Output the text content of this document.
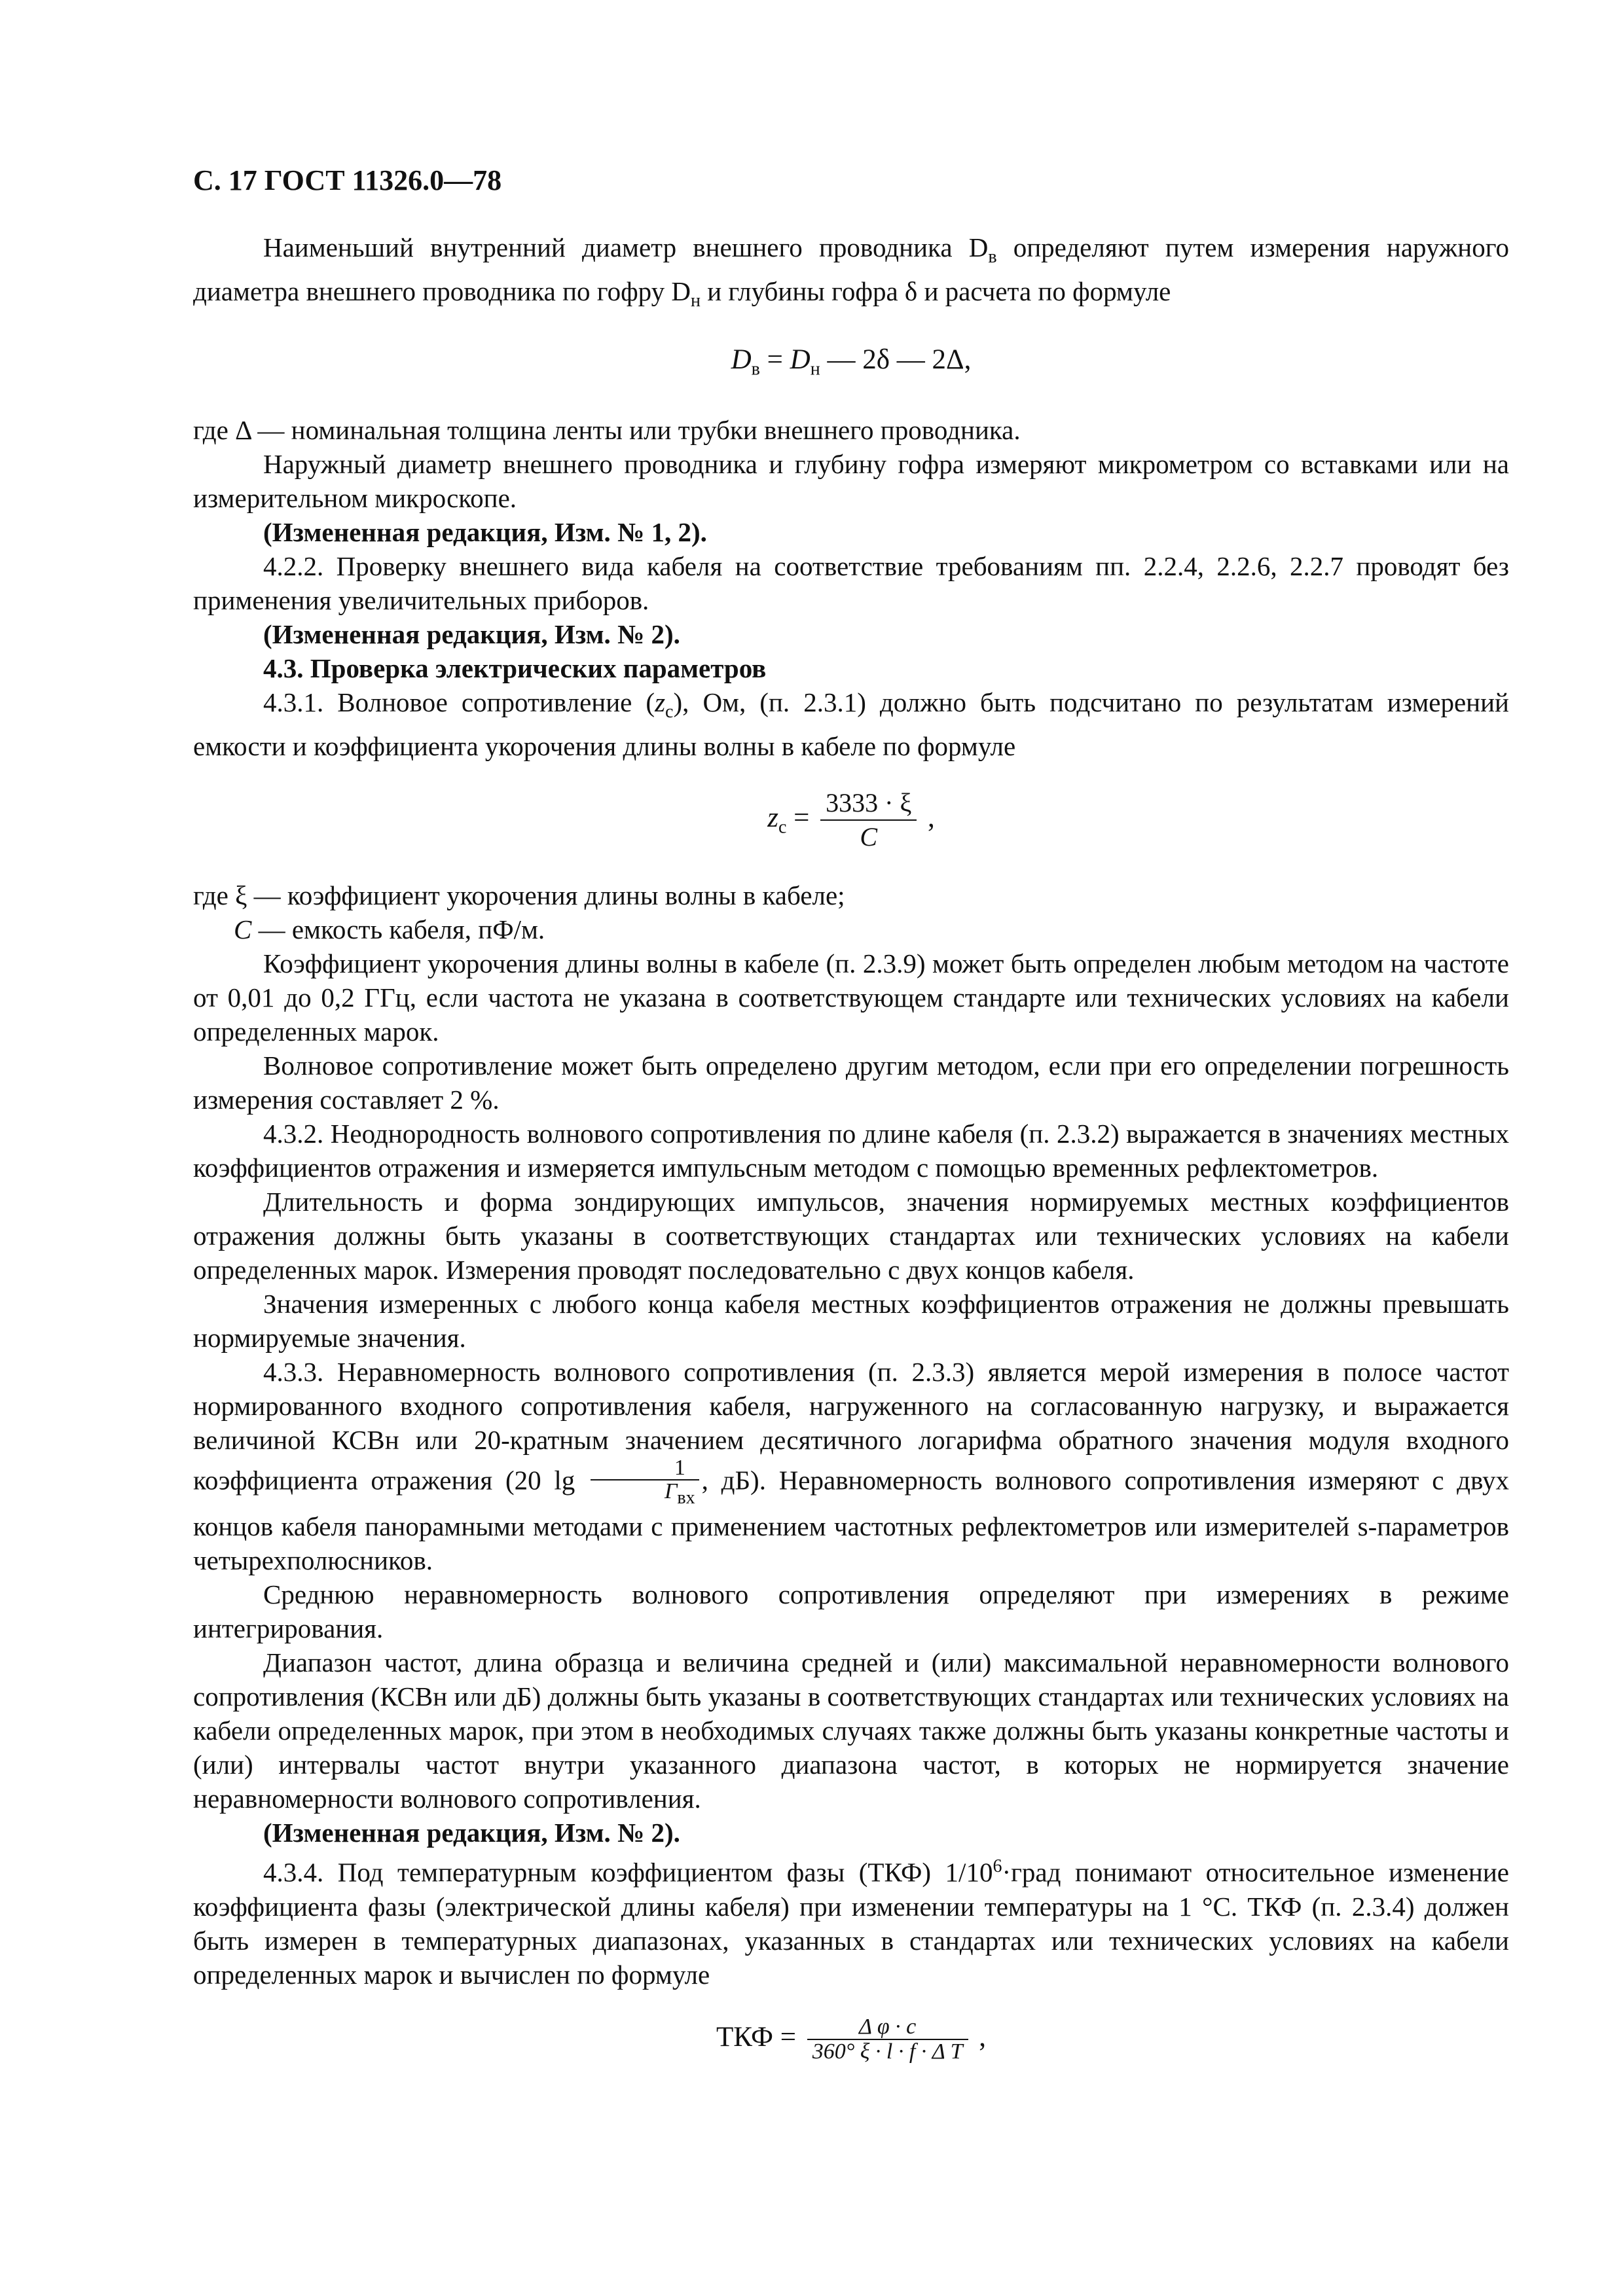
С. 17 ГОСТ 11326.0—78

Наименьший внутренний диаметр внешнего проводника $D_в$ определяют путем измерения наружного диаметра внешнего проводника по гофру $D_н$ и глубины гофра δ и расчета по формуле

$D_в = D_н$ — 2δ — 2Δ,

где Δ — номинальная толщина ленты или трубки внешнего проводника.

Наружный диаметр внешнего проводника и глубину гофра измеряют микрометром со вставками или на измерительном микроскопе.

(Измененная редакция, Изм. № 1, 2).

4.2.2. Проверку внешнего вида кабеля на соответствие требованиям пп. 2.2.4, 2.2.6, 2.2.7 проводят без применения увеличительных приборов.

(Измененная редакция, Изм. № 2).

4.3. Проверка электрических параметров

4.3.1. Волновое сопротивление $(z_c)$, Ом, (п. 2.3.1) должно быть подсчитано по результатам измерений емкости и коэффициента укорочения длины волны в кабеле по формуле

$z_c = \frac{3333 \cdot \xi}{C}$ ,

где ξ — коэффициент укорочения длины волны в кабеле;

C — емкость кабеля, пФ/м.

Коэффициент укорочения длины волны в кабеле (п. 2.3.9) может быть определен любым методом на частоте от 0,01 до 0,2 ГГц, если частота не указана в соответствующем стандарте или технических условиях на кабели определенных марок.

Волновое сопротивление может быть определено другим методом, если при его определении погрешность измерения составляет 2 %.

4.3.2. Неоднородность волнового сопротивления по длине кабеля (п. 2.3.2) выражается в значениях местных коэффициентов отражения и измеряется импульсным методом с помощью временных рефлектометров.

Длительность и форма зондирующих импульсов, значения нормируемых местных коэффициентов отражения должны быть указаны в соответствующих стандартах или технических условиях на кабели определенных марок. Измерения проводят последовательно с двух концов кабеля.

Значения измеренных с любого конца кабеля местных коэффициентов отражения не должны превышать нормируемые значения.

4.3.3. Неравномерность волнового сопротивления (п. 2.3.3) является мерой измерения в полосе частот нормированного входного сопротивления кабеля, нагруженного на согласованную нагрузку, и выражается величиной КСВн или 20-кратным значением десятичного логарифма обратного значения модуля входного коэффициента отражения (20 $\lg \frac{1}{Г_{вх}}$ , дБ). Неравномерность волнового сопротивления измеряют с двух концов кабеля панорамными методами с применением частотных рефлектометров или измерителей s-параметров четырехполюсников.

Среднюю неравномерность волнового сопротивления определяют при измерениях в режиме интегрирования.

Диапазон частот, длина образца и величина средней и (или) максимальной неравномерности волнового сопротивления (КСВн или дБ) должны быть указаны в соответствующих стандартах или технических условиях на кабели определенных марок, при этом в необходимых случаях также должны быть указаны конкретные частоты и (или) интервалы частот внутри указанного диапазона частот, в которых не нормируется значение неравномерности волнового сопротивления.

(Измененная редакция, Изм. № 2).

4.3.4. Под температурным коэффициентом фазы (ТКФ) $1/10^6\cdot град$ понимают относительное изменение коэффициента фазы (электрической длины кабеля) при изменении температуры на 1 °С. ТКФ (п. 2.3.4) должен быть измерен в температурных диапазонах, указанных в стандартах или технических условиях на кабели определенных марок и вычислен по формуле

ТКФ = $\frac{\text{Δ φ · c}}{\text{360° ξ · l · f · Δ T}}$ ,
